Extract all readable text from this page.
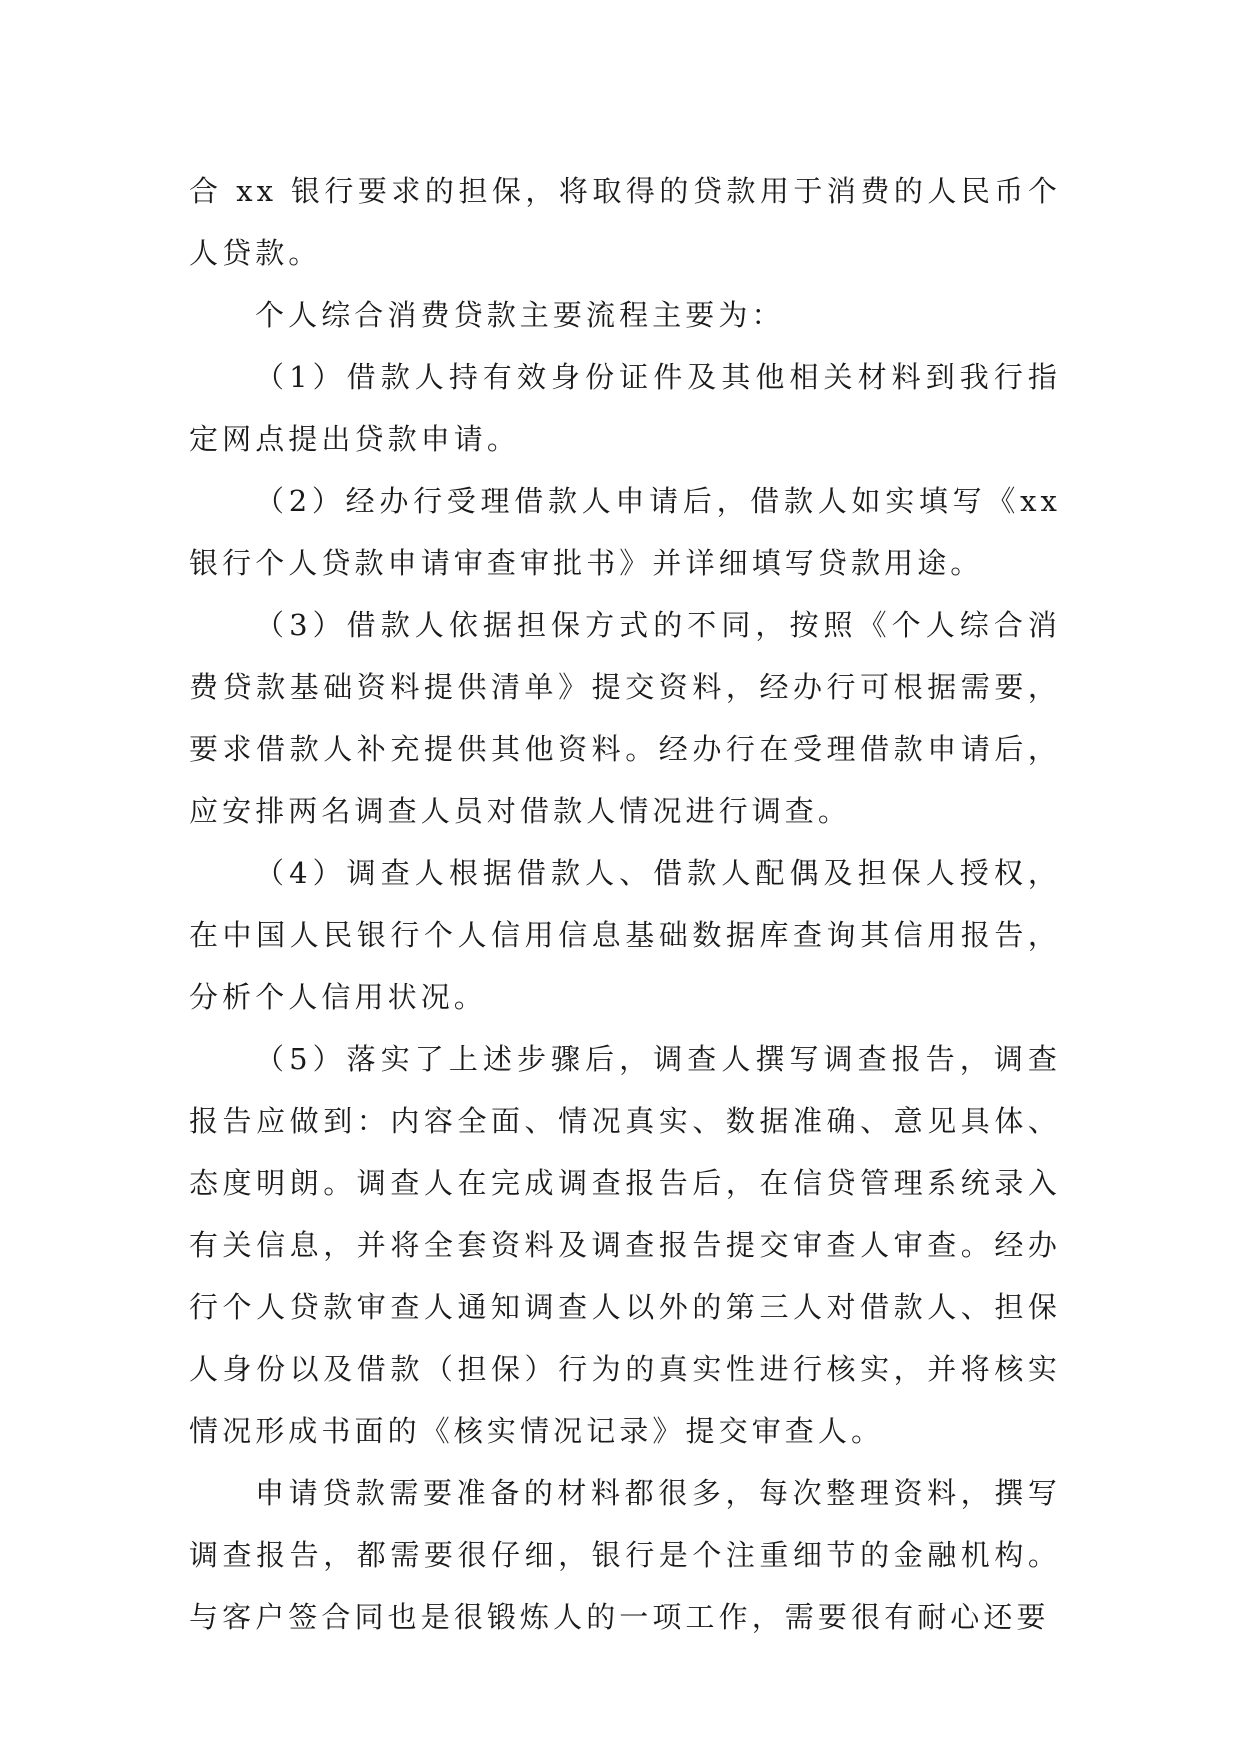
合 xx 银行要求的担保，将取得的贷款用于消费的人民币个人贷款。

个人综合消费贷款主要流程主要为：

（1）借款人持有效身份证件及其他相关材料到我行指定网点提出贷款申请。

（2）经办行受理借款人申请后，借款人如实填写《xx银行个人贷款申请审查审批书》并详细填写贷款用途。

（3）借款人依据担保方式的不同，按照《个人综合消费贷款基础资料提供清单》提交资料，经办行可根据需要，要求借款人补充提供其他资料。经办行在受理借款申请后，应安排两名调查人员对借款人情况进行调查。

（4）调查人根据借款人、借款人配偶及担保人授权，在中国人民银行个人信用信息基础数据库查询其信用报告，分析个人信用状况。

（5）落实了上述步骤后，调查人撰写调查报告，调查报告应做到：内容全面、情况真实、数据准确、意见具体、态度明朗。调查人在完成调查报告后，在信贷管理系统录入有关信息，并将全套资料及调查报告提交审查人审查。经办行个人贷款审查人通知调查人以外的第三人对借款人、担保人身份以及借款（担保）行为的真实性进行核实，并将核实情况形成书面的《核实情况记录》提交审查人。

申请贷款需要准备的材料都很多，每次整理资料，撰写调查报告，都需要很仔细，银行是个注重细节的金融机构。与客户签合同也是很锻炼人的一项工作，需要很有耐心还要
